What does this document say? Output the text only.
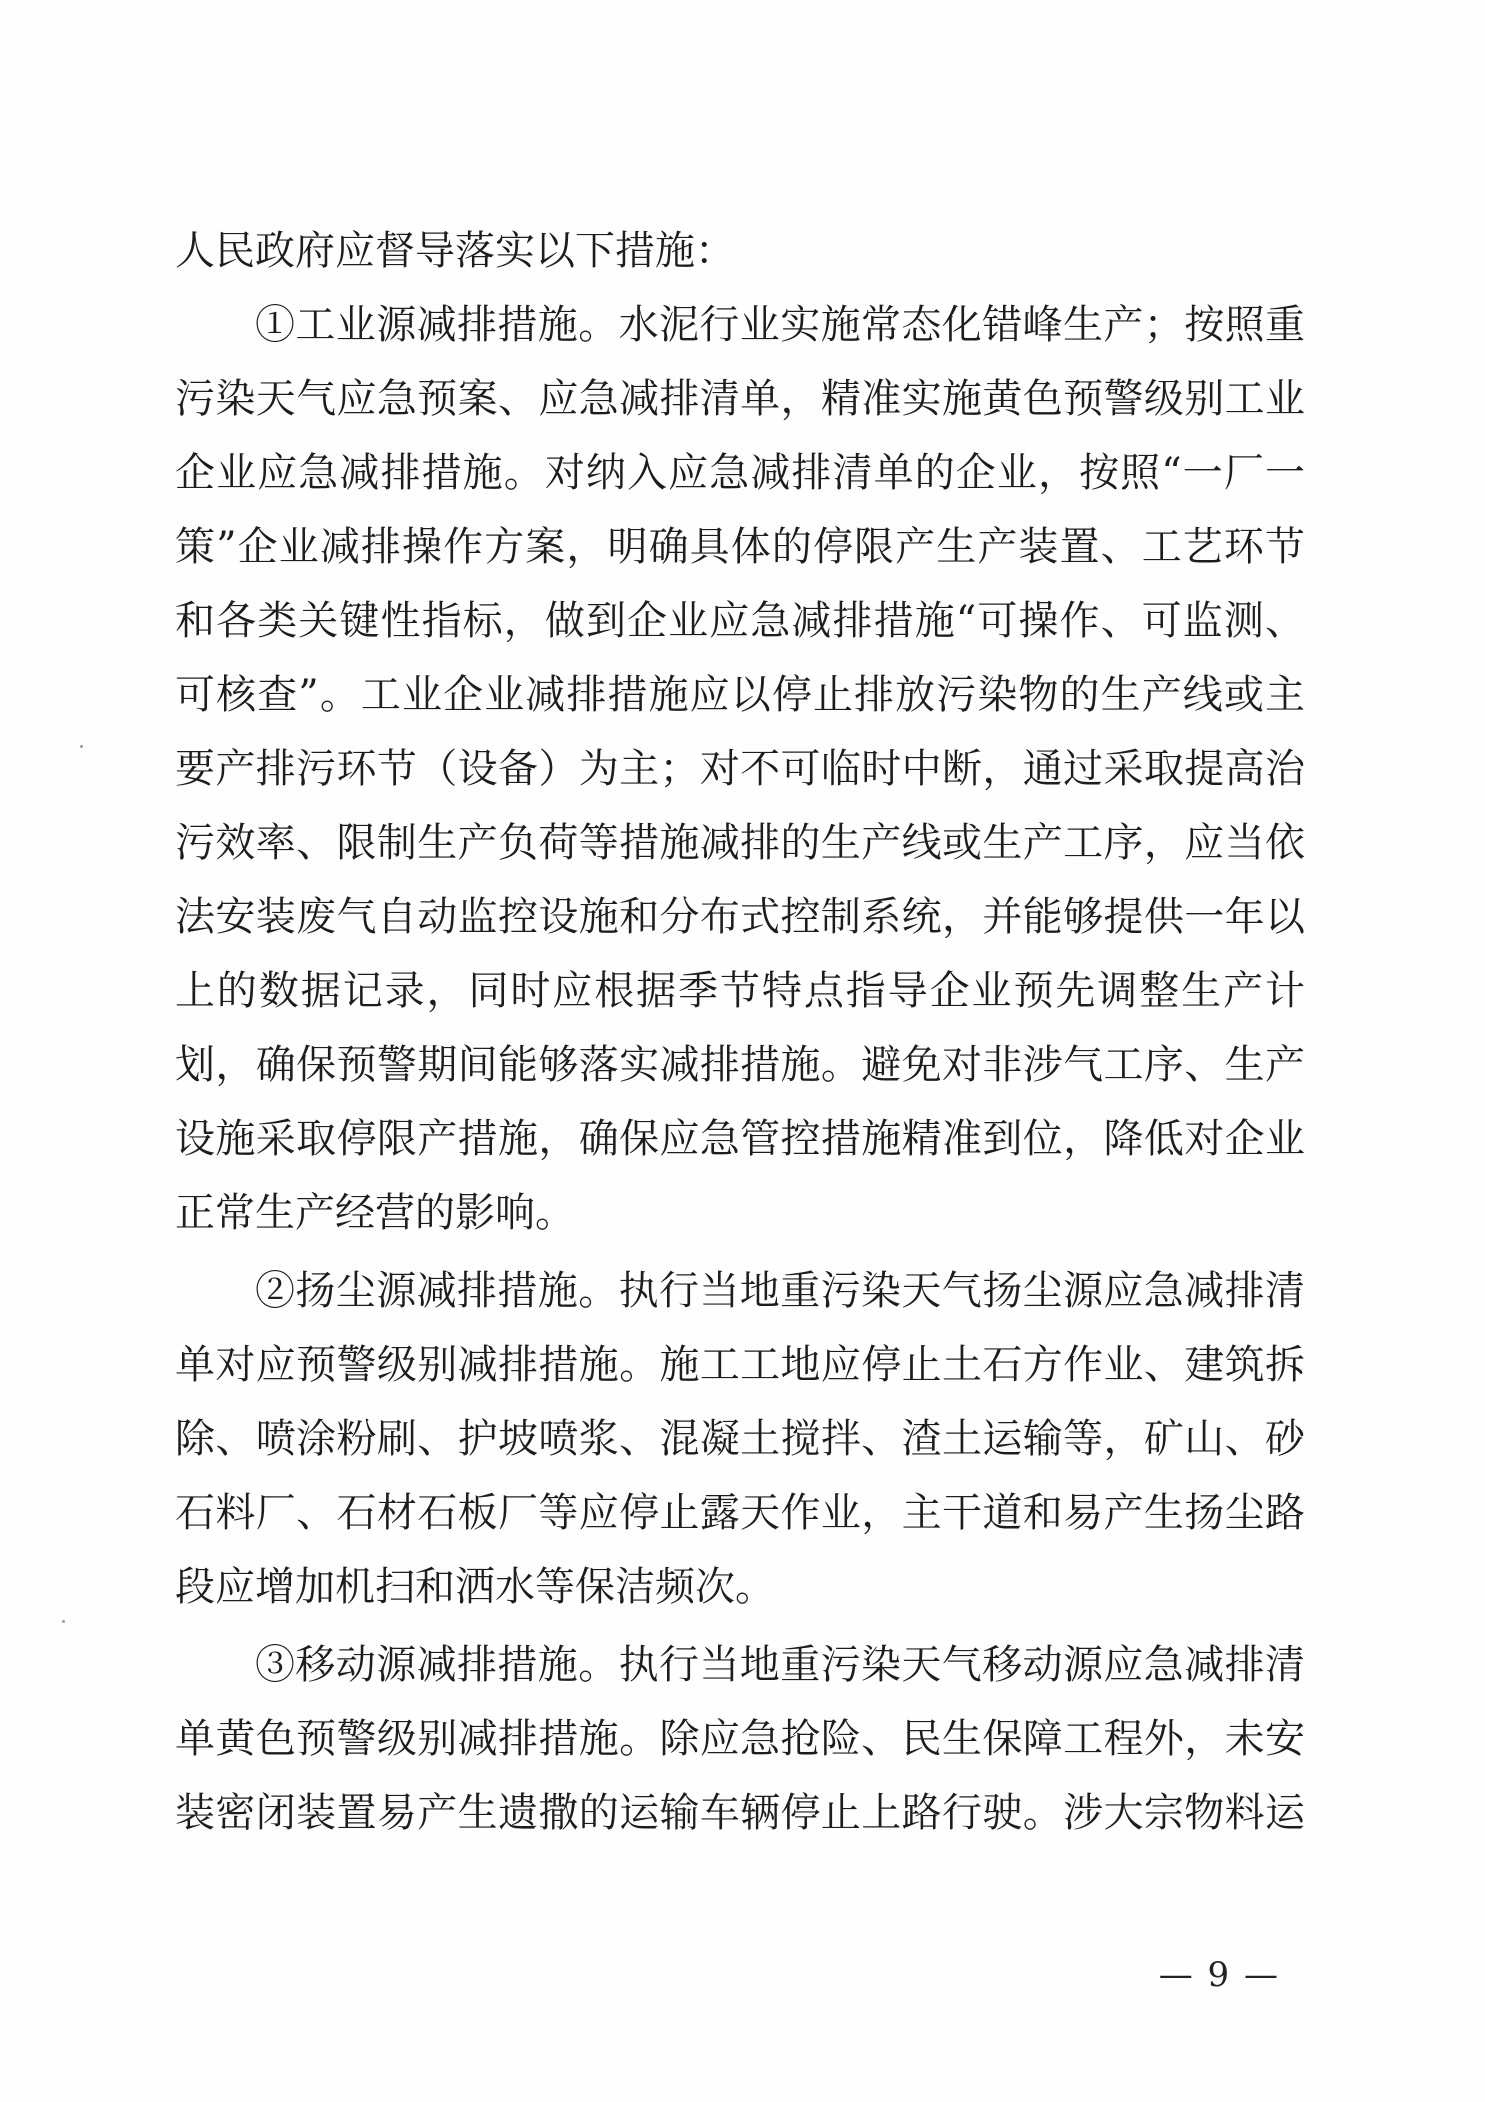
人民政府应督导落实以下措施：
①工业源减排措施。水泥行业实施常态化错峰生产；按照重
污染天气应急预案、应急减排清单，精准实施黄色预警级别工业
企业应急减排措施。对纳入应急减排清单的企业，按照“一厂一
策”企业减排操作方案，明确具体的停限产生产装置、工艺环节
和各类关键性指标，做到企业应急减排措施“可操作、可监测、
可核查”。工业企业减排措施应以停止排放污染物的生产线或主
要产排污环节（设备）为主；对不可临时中断，通过采取提高治
污效率、限制生产负荷等措施减排的生产线或生产工序，应当依
法安装废气自动监控设施和分布式控制系统，并能够提供一年以
上的数据记录，同时应根据季节特点指导企业预先调整生产计
划，确保预警期间能够落实减排措施。避免对非涉气工序、生产
设施采取停限产措施，确保应急管控措施精准到位，降低对企业
正常生产经营的影响。
②扬尘源减排措施。执行当地重污染天气扬尘源应急减排清
单对应预警级别减排措施。施工工地应停止土石方作业、建筑拆
除、喷涂粉刷、护坡喷浆、混凝土搅拌、渣土运输等，矿山、砂
石料厂、石材石板厂等应停止露天作业，主干道和易产生扬尘路
段应增加机扫和洒水等保洁频次。
③移动源减排措施。执行当地重污染天气移动源应急减排清
单黄色预警级别减排措施。除应急抢险、民生保障工程外，未安
装密闭装置易产生遗撒的运输车辆停止上路行驶。涉大宗物料运
— 9 —
